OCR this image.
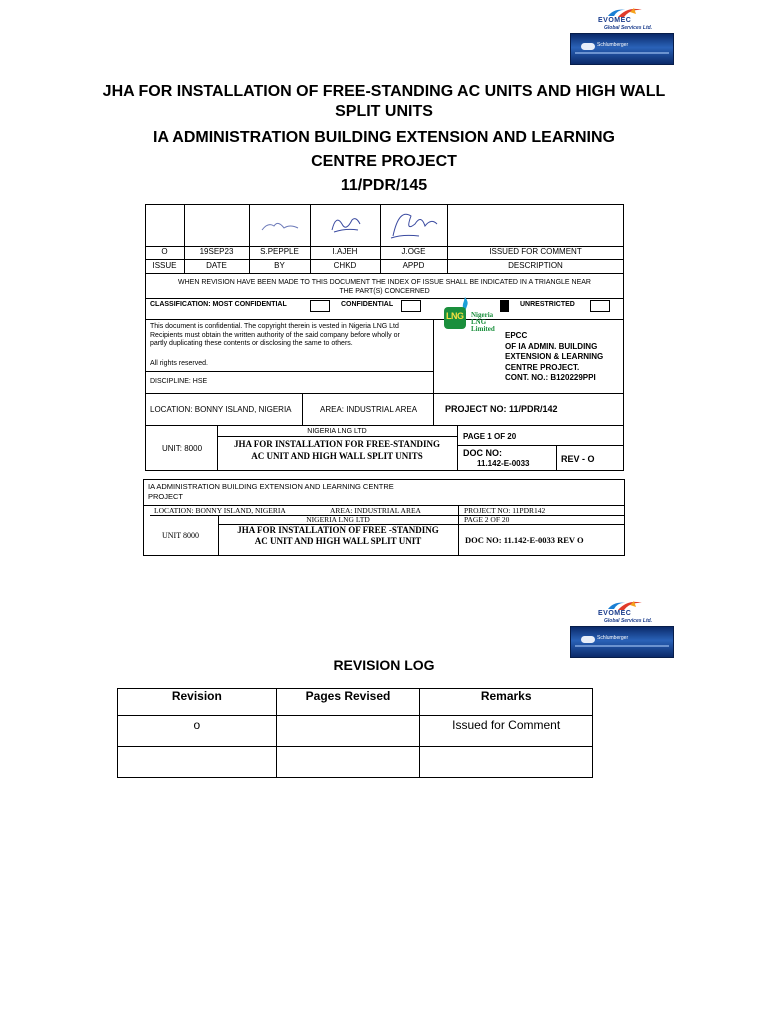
EVOMEC
Global Services Ltd.
Schlumberger
JHA FOR INSTALLATION OF FREE-STANDING AC UNITS AND HIGH WALL
SPLIT UNITS
IA ADMINISTRATION BUILDING EXTENSION AND LEARNING
CENTRE PROJECT
11/PDR/145
O	19SEP23	S.PEPPLE	I.AJEH	J.OGE	ISSUED FOR COMMENT
ISSUE	DATE	BY	CHKD	APPD	DESCRIPTION
WHEN REVISION HAVE BEEN MADE TO THIS DOCUMENT THE INDEX OF ISSUE SHALL BE INDICATED IN A TRIANGLE NEAR
THE PART(S) CONCERNED
CLASSIFICATION: MOST CONFIDENTIAL	CONFIDENTIAL	UNRESTRICTED
This document is confidential. The copyright therein is vested in Nigeria LNG Ltd
Recipients must obtain the written authority of the said company before wholly or
partly duplicating these contents or disclosing the same to others.
All rights reserved.
DISCIPLINE: HSE
LNG Nigeria
LNG
Limited
EPCC
OF IA ADMIN. BUILDING
EXTENSION & LEARNING
CENTRE PROJECT.
CONT. NO.: B120229PPI
LOCATION: BONNY ISLAND, NIGERIA	AREA: INDUSTRIAL AREA	PROJECT NO: 11/PDR/142
NIGERIA LNG LTD
UNIT: 8000	JHA FOR INSTALLATION FOR FREE-STANDING
AC UNIT AND HIGH WALL SPLIT UNITS
PAGE 1 OF 20
DOC NO:
11.142-E-0033	REV - O
IA ADMINISTRATION BUILDING EXTENSION AND LEARNING CENTRE
PROJECT
LOCATION: BONNY ISLAND, NIGERIA	AREA: INDUSTRIAL AREA	PROJECT NO: 11PDR142
NIGERIA LNG LTD	PAGE 2 OF 20
UNIT 8000
JHA FOR INSTALLATION OF FREE -STANDING
AC UNIT AND HIGH WALL SPLIT UNIT	DOC NO: 11.142-E-0033 REV O
EVOMEC
Global Services Ltd.
Schlumberger
REVISION LOG
Revision	Pages Revised	Remarks
o		Issued for Comment
